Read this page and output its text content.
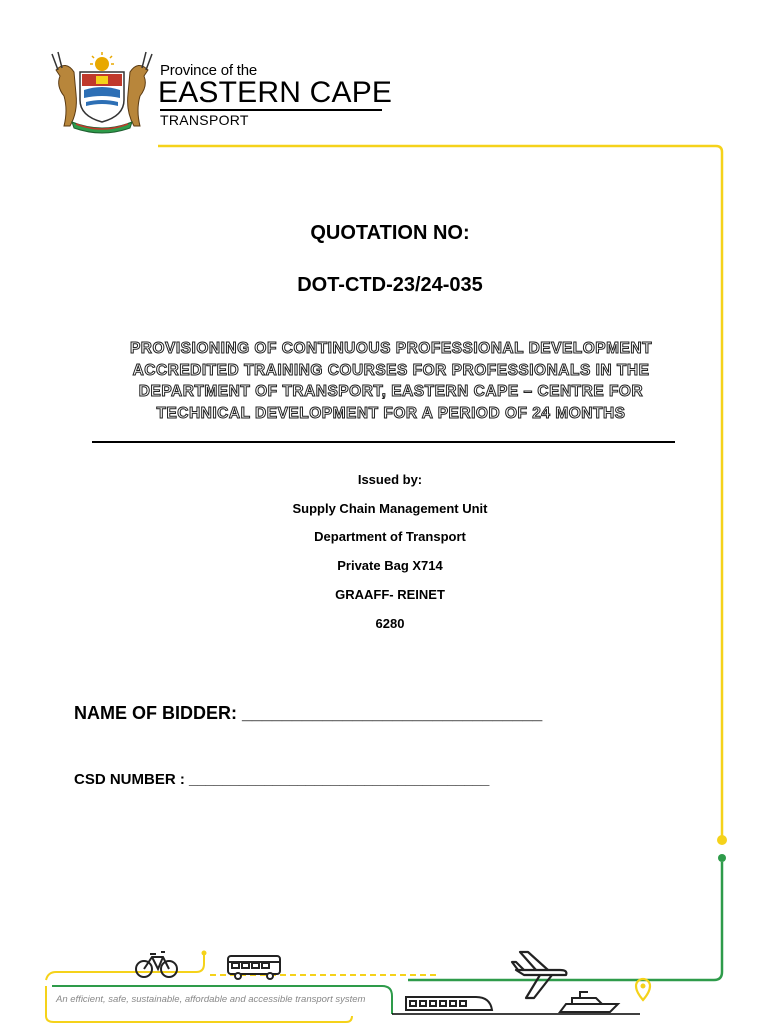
Province of the
EASTERN CAPE
TRANSPORT
QUOTATION NO:
DOT-CTD-23/24-035
PROVISIONING OF CONTINUOUS PROFESSIONAL DEVELOPMENT
ACCREDITED TRAINING COURSES FOR PROFESSIONALS IN THE
DEPARTMENT OF TRANSPORT, EASTERN CAPE – CENTRE FOR
TECHNICAL DEVELOPMENT FOR A PERIOD OF 24 MONTHS
Issued by:
Supply Chain Management Unit
Department of Transport
Private Bag X714
GRAAFF- REINET
6280
NAME OF BIDDER: ______________________________
CSD NUMBER : ____________________________________
An efficient, safe, sustainable, affordable and accessible transport system
